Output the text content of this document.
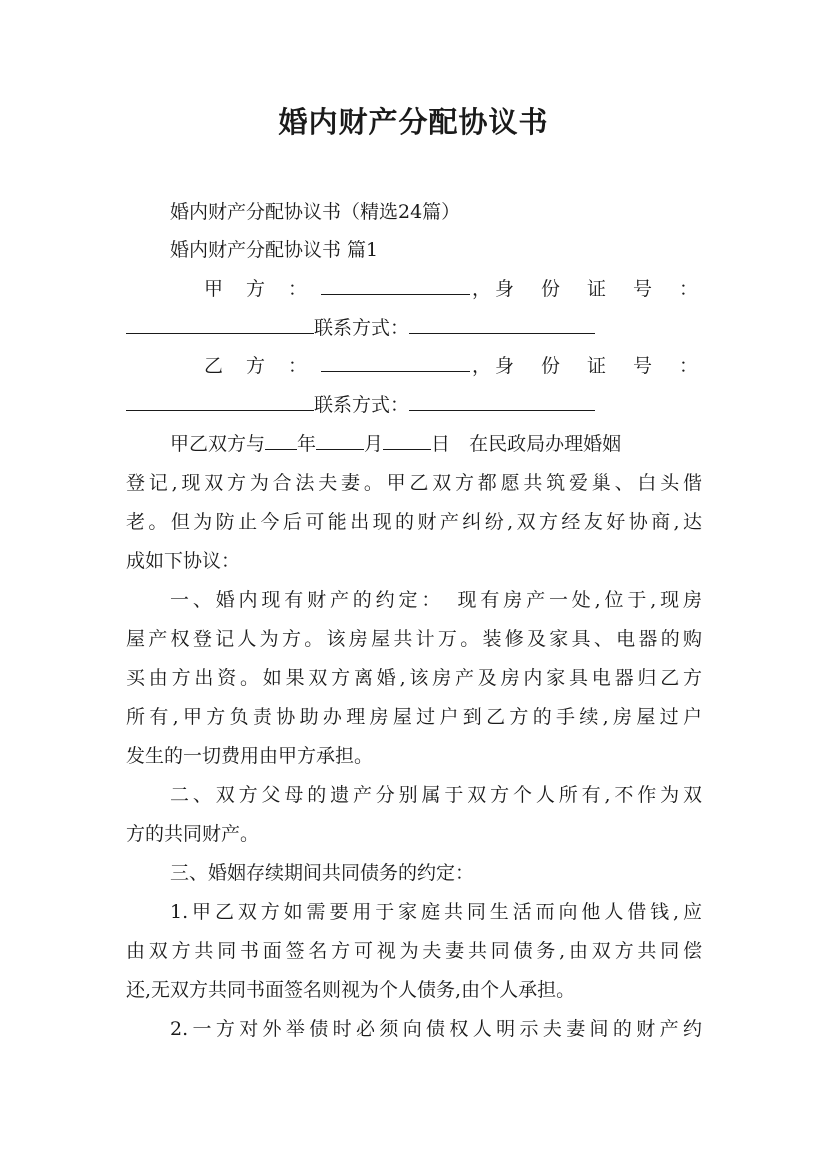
婚内财产分配协议书
婚内财产分配协议书（精选24篇）
婚内财产分配协议书 篇1
甲　方　：	，身　份　证　号　：
联系方式：
乙　方　：	，身　份　证　号　：
联系方式：
甲乙双方与 年	月	日　在民政局办理婚姻
登记,现双方为合法夫妻。甲乙双方都愿共筑爱巢、白头偕
老。但为防止今后可能出现的财产纠纷,双方经友好协商,达
成如下协议：
一、婚内现有财产的约定：　现有房产一处,位于,现房
屋产权登记人为方。该房屋共计万。装修及家具、电器的购
买由方出资。如果双方离婚,该房产及房内家具电器归乙方
所有,甲方负责协助办理房屋过户到乙方的手续,房屋过户
发生的一切费用由甲方承担。
二、双方父母的遗产分别属于双方个人所有,不作为双
方的共同财产。
三、婚姻存续期间共同债务的约定：
1.甲乙双方如需要用于家庭共同生活而向他人借钱,应
由双方共同书面签名方可视为夫妻共同债务,由双方共同偿
还,无双方共同书面签名则视为个人债务,由个人承担。
2.一方对外举债时必须向债权人明示夫妻间的财产约
